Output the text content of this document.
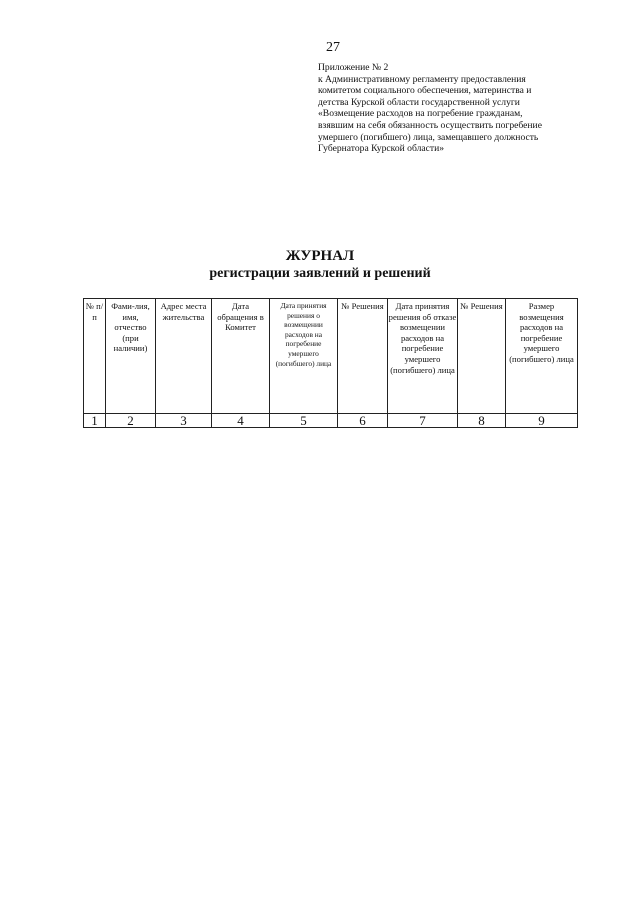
27
Приложение № 2
к Административному регламенту предоставления
комитетом социального обеспечения, материнства и
детства Курской области государственной услуги
«Возмещение расходов на погребение гражданам,
взявшим на себя обязанность осуществить погребение
умершего (погибшего) лица, замещавшего должность
Губернатора Курской области»
ЖУРНАЛ
регистрации заявлений и решений
№ п/п	Фами-лия, имя, отчество (при наличии)	Адрес места жительства	Дата обращения в Комитет	Дата принятия решения о возмещении расходов на погребение умершего (погибшего) лица	№ Решения	Дата принятия решения об отказе возмещении расходов на погребение умершего (погибшего) лица	№ Решения	Размер возмещения расходов на погребение умершего (погибшего) лица
1	2	3	4	5	6	7	8	9
